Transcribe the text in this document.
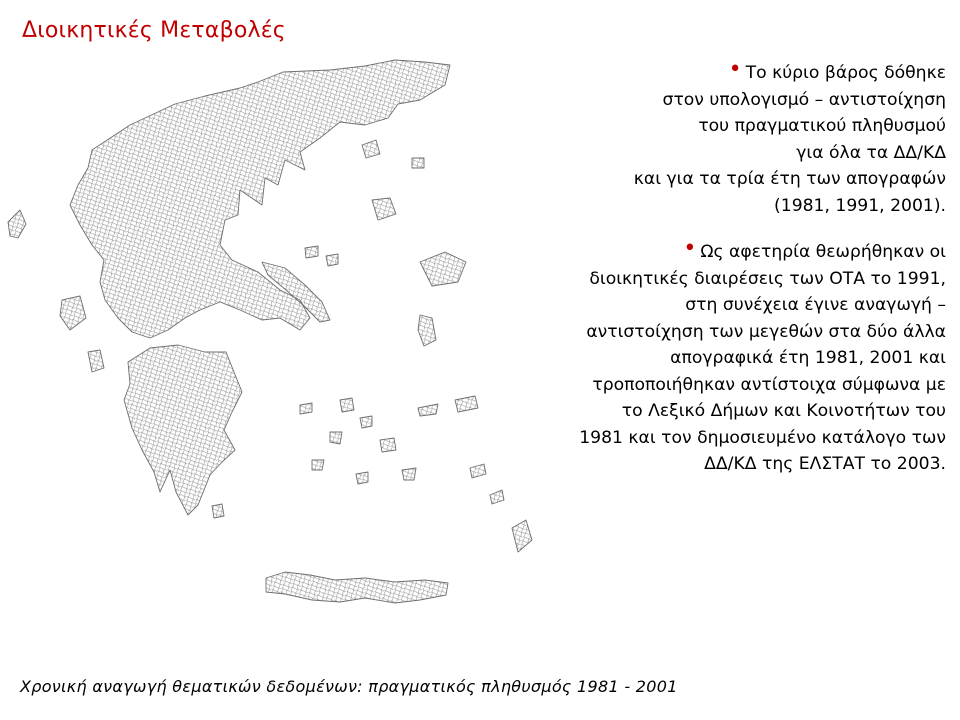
Διοικητικές Μεταβολές
• Το κύριο βάρος δόθηκε
στον υπολογισμό – αντιστοίχηση
του πραγματικού πληθυσμού
για όλα τα ΔΔ/ΚΔ
και για τα τρία έτη των απογραφών
(1981, 1991, 2001).
• Ως αφετηρία θεωρήθηκαν οι
διοικητικές διαιρέσεις των ΟΤΑ το 1991,
στη συνέχεια έγινε αναγωγή –
αντιστοίχηση των μεγεθών στα δύο άλλα
απογραφικά έτη 1981, 2001 και
τροποποιήθηκαν αντίστοιχα σύμφωνα με
το Λεξικό Δήμων και Κοινοτήτων του
1981 και τον δημοσιευμένο κατάλογο των
ΔΔ/ΚΔ της ΕΛΣΤΑΤ το 2003.
Χρονική αναγωγή θεματικών δεδομένων: πραγματικός πληθυσμός 1981 - 2001
